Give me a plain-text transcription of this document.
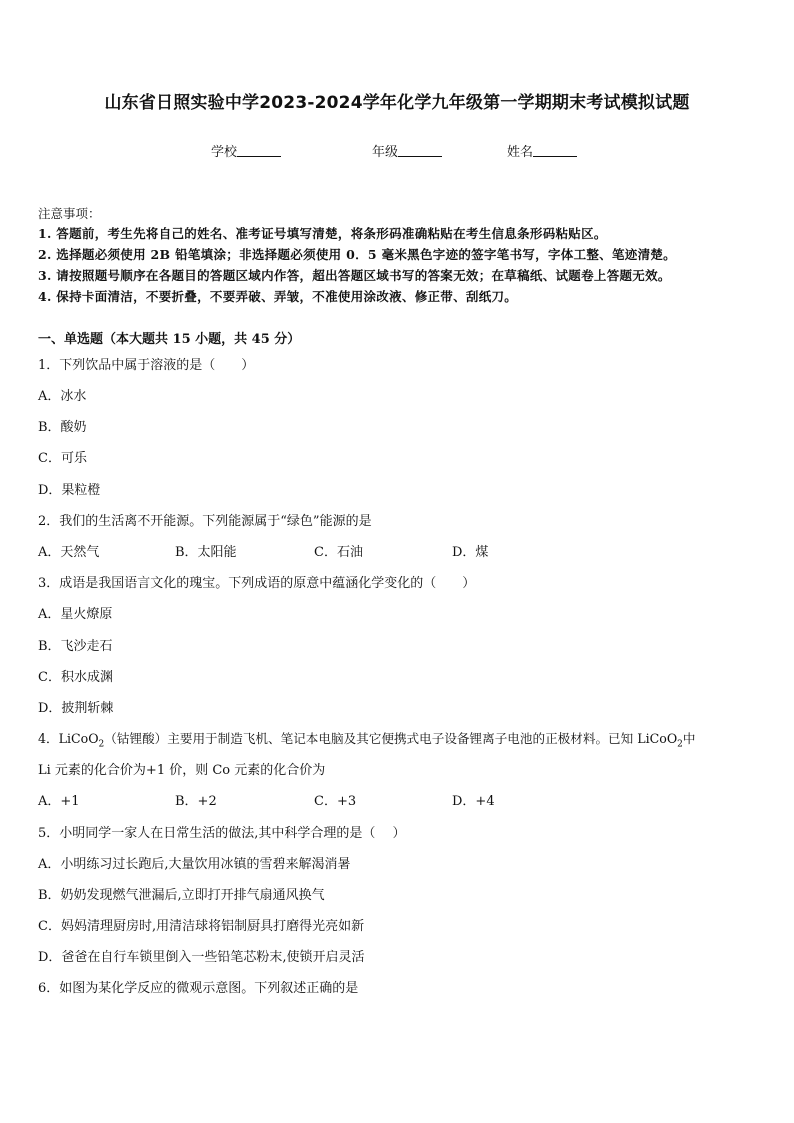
山东省日照实验中学2023-2024学年化学九年级第一学期期末考试模拟试题
学校	年级	姓名
注意事项：
1. 答题前，考生先将自己的姓名、准考证号填写清楚，将条形码准确粘贴在考生信息条形码粘贴区。
2. 选择题必须使用 2B 铅笔填涂；非选择题必须使用 0．5 毫米黑色字迹的签字笔书写，字体工整、笔迹清楚。
3. 请按照题号顺序在各题目的答题区域内作答，超出答题区域书写的答案无效；在草稿纸、试题卷上答题无效。
4. 保持卡面清洁，不要折叠，不要弄破、弄皱，不准使用涂改液、修正带、刮纸刀。
一、单选题（本大题共 15 小题，共 45 分）
1．下列饮品中属于溶液的是（　　）
A．冰水
B．酸奶
C．可乐
D．果粒橙
2．我们的生活离不开能源。下列能源属于“绿色”能源的是
A．天然气	B．太阳能	C．石油	D．煤
3．成语是我国语言文化的瑰宝。下列成语的原意中蕴涵化学变化的（　　）
A．星火燎原
B．飞沙走石
C．积水成渊
D．披荆斩棘
4．LiCoO$_2$（钴锂酸）主要用于制造飞机、笔记本电脑及其它便携式电子设备锂离子电池的正极材料。已知 LiCoO$_2$中
Li 元素的化合价为+1 价，则 Co 元素的化合价为
A．+1	B．+2	C．+3	D．+4
5．小明同学一家人在日常生活的做法,其中科学合理的是（　 ）
A．小明练习过长跑后,大量饮用冰镇的雪碧来解渴消暑
B．奶奶发现燃气泄漏后,立即打开排气扇通风换气
C．妈妈清理厨房时,用清洁球将铝制厨具打磨得光亮如新
D．爸爸在自行车锁里倒入一些铅笔芯粉末,使锁开启灵活
6．如图为某化学反应的微观示意图。下列叙述正确的是
